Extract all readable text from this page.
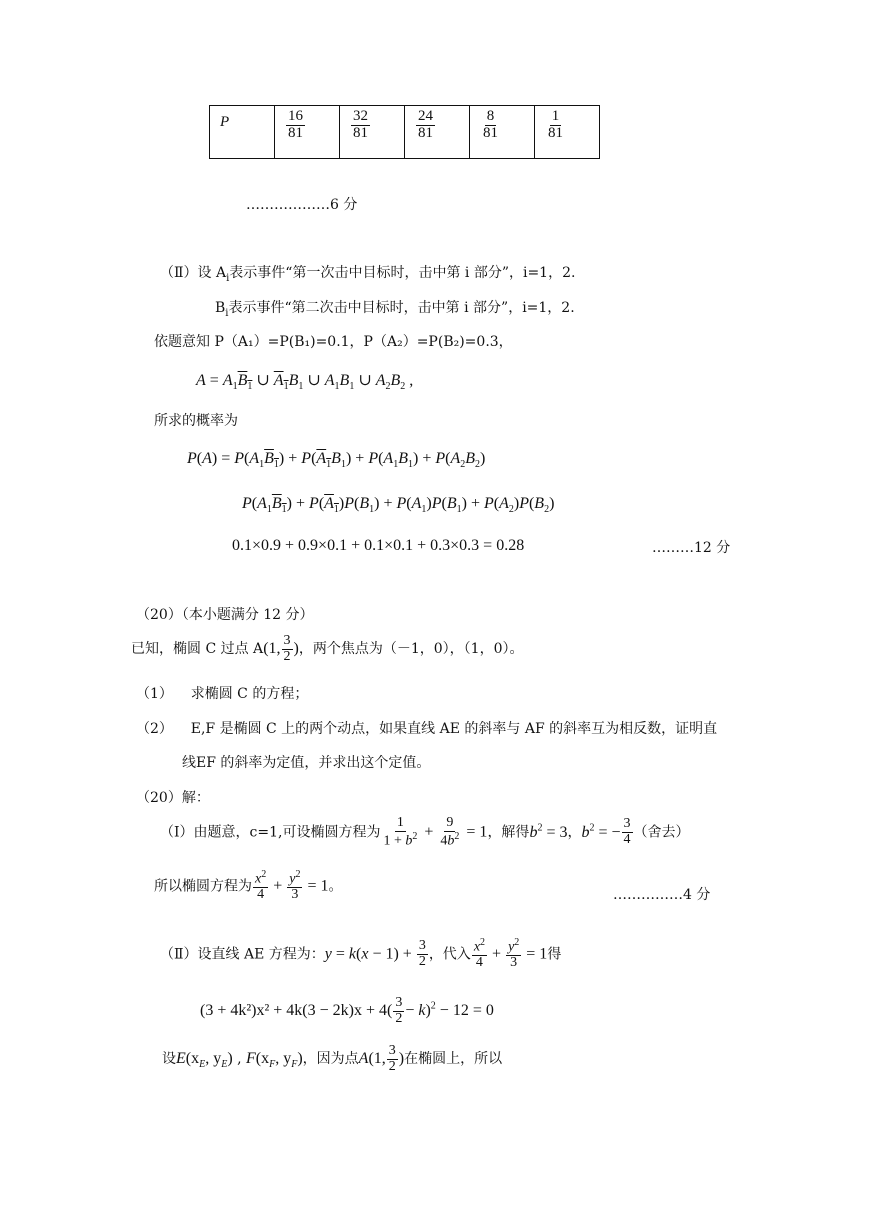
P	$\frac{16}{81}$	$\frac{32}{81}$	$\frac{24}{81}$	$\frac{8}{81}$	$\frac{1}{81}$
………………6 分
（Ⅱ）设 $A_i$表示事件“第一次击中目标时，击中第 i 部分”，i=1，2.
$B_i$表示事件“第二次击中目标时，击中第 i 部分”，i=1，2.
依题意知 P（A₁）=P(B₁)=0.1，P（A₂）=P(B₂)=0.3，
$A = A_1B_1$ ∪ $A_1B_1$ ∪ $A_1B_1$ ∪ $A_2B_2$ ,
所求的概率为
$P(A) = P(A_1B_1) + P(A_1B_1) + P(A_1B_1) + P(A_2B_2)$
$P(A_1B_1) + P(A_1)P(B_1) + P(A_1)P(B_1) + P(A_2)P(B_2)$
0.1×0.9 + 0.9×0.1 + 0.1×0.1 + 0.3×0.3 = 0.28	………12 分
（20）（本小题满分 12 分）
已知，椭圆 C 过点 A(1, $\frac{3}{2}$ )，两个焦点为（－1，0），（1，0）。
（1） 求椭圆 C 的方程；
（2） E,F 是椭圆 C 上的两个动点，如果直线 AE 的斜率与 AF 的斜率互为相反数，证明直
线EF 的斜率为定值，并求出这个定值。
（20）解：
（Ⅰ）由题意，c=1,可设椭圆方程为 $\frac{1}{1 + b^2} + \frac{9}{4b^2} = 1$，解得$b^2 = 3$，$b^2$ = − $\frac{3}{4}$ （舍去）
所以椭圆方程为 $\frac{x^2}{4} + \frac{y^2}{3} = 1$。
……………4 分
（Ⅱ）设直线 AE 方程为：$y = k(x - 1) + \frac{3}{2}$ ，代入 $\frac{x^2}{4} + \frac{y^2}{3} = 1$得
$(3 + 4k^2)x^2 + 4k(3 - 2k)x + 4( \frac{3}{2} - k)^2 - 12 = 0$
设$E(x_E$, $y_E$) , $F(x_F$, $y_F$)，因为点A(1, $\frac{3}{2}$ )在椭圆上，所以
